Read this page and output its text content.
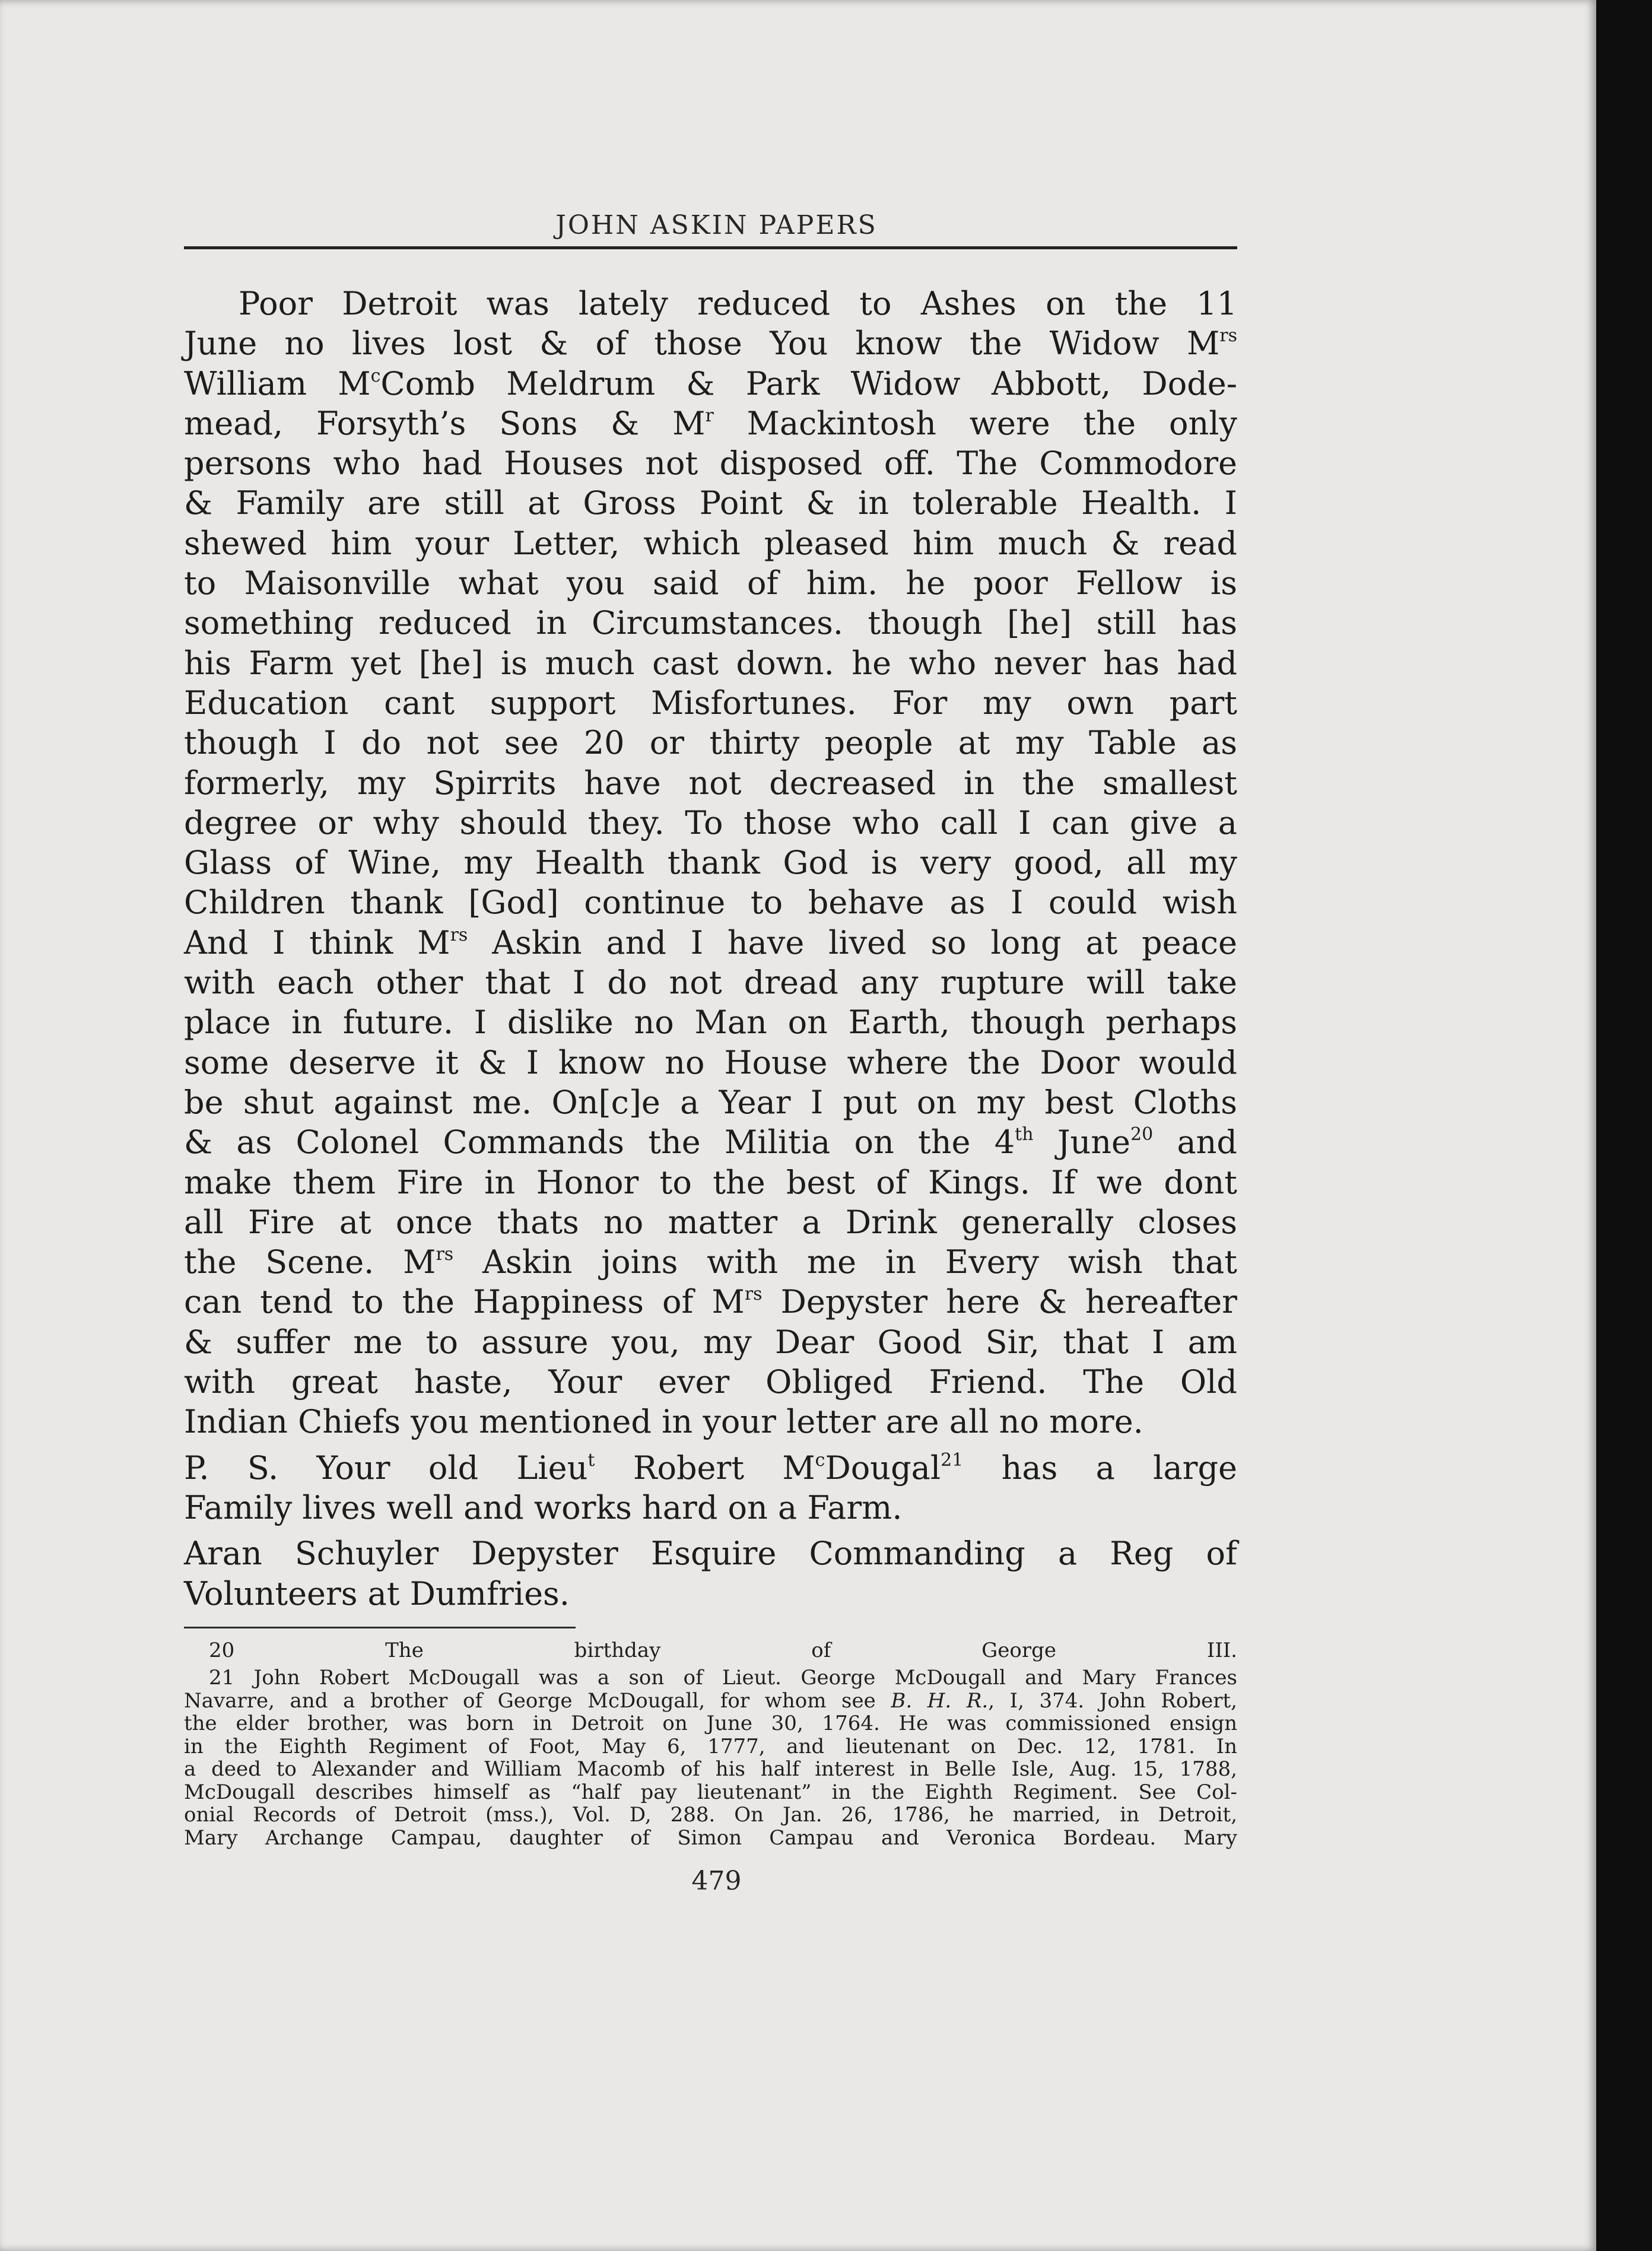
JOHN ASKIN PAPERS
Poor Detroit was lately reduced to Ashes on the 11
June no lives lost & of those You know the Widow $M^{rs}$
William $M^cComb$ Meldrum & Park Widow Abbott, Dode-
mead, Forsyth’s Sons & $M^r$ Mackintosh were the only
persons who had Houses not disposed off. The Commodore
& Family are still at Gross Point & in tolerable Health. I
shewed him your Letter, which pleased him much & read
to Maisonville what you said of him. he poor Fellow is
something reduced in Circumstances. though [he] still has
his Farm yet [he] is much cast down. he who never has had
Education cant support Misfortunes. For my own part
though I do not see 20 or thirty people at my Table as
formerly, my Spirrits have not decreased in the smallest
degree or why should they. To those who call I can give a
Glass of Wine, my Health thank God is very good, all my
Children thank [God] continue to behave as I could wish
And I think $M^{rs}$ Askin and I have lived so long at peace
with each other that I do not dread any rupture will take
place in future. I dislike no Man on Earth, though perhaps
some deserve it & I know no House where the Door would
be shut against me. On[c]e a Year I put on my best Cloths
& as Colonel Commands the Militia on the 4th June$^{20}$ and
make them Fire in Honor to the best of Kings. If we dont
all Fire at once thats no matter a Drink generally closes
the Scene. $M^{rs}$ Askin joins with me in Every wish that
can tend to the Happiness of $M^{rs}$ Depyster here & hereafter
& suffer me to assure you, my Dear Good Sir, that I am
with great haste, Your ever Obliged Friend. The Old
Indian Chiefs you mentioned in your letter are all no more.
P. S. Your old Lieu$^t$ Robert $M^cDougal^{21}$ has a large
Family lives well and works hard on a Farm.
Aran Schuyler Depyster Esquire Commanding a Reg of
Volunteers at Dumfries.
20 The birthday of George III.
21 John Robert McDougall was a son of Lieut. George McDougall and Mary Frances
Navarre, and a brother of George McDougall, for whom see B. H. R., I, 374. John Robert,
the elder brother, was born in Detroit on June 30, 1764. He was commissioned ensign
in the Eighth Regiment of Foot, May 6, 1777, and lieutenant on Dec. 12, 1781. In
a deed to Alexander and William Macomb of his half interest in Belle Isle, Aug. 15, 1788,
McDougall describes himself as “half pay lieutenant” in the Eighth Regiment. See Col-
onial Records of Detroit (mss.), Vol. D, 288. On Jan. 26, 1786, he married, in Detroit,
Mary Archange Campau, daughter of Simon Campau and Veronica Bordeau. Mary
479
